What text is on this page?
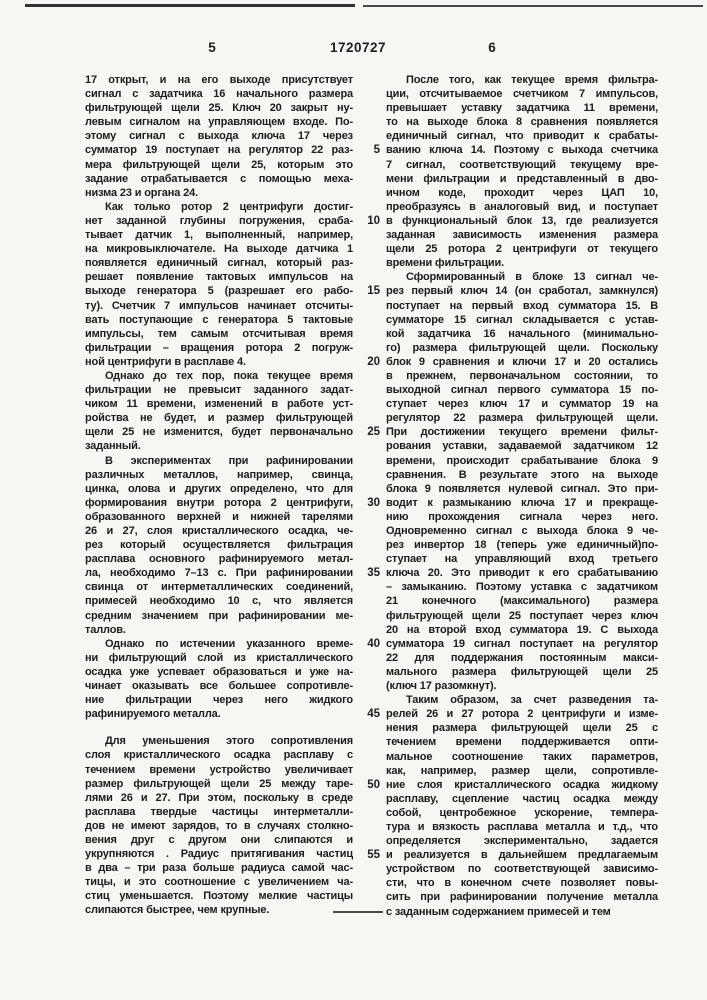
5	1720727	6
17 открыт, и на его выходе присутствует
сигнал с задатчика 16 начального размера
фильтрующей щели 25. Ключ 20 закрыт ну-
левым сигналом на управляющем входе. По-
этому сигнал с выхода ключа 17 через
сумматор 19 поступает на регулятор 22 раз-
мера фильтрующей щели 25, которым это
задание отрабатывается с помощью меха-
низма 23 и органа 24.
Как только ротор 2 центрифуги достиг-
нет заданной глубины погружения, сраба-
тывает датчик 1, выполненный, например,
на микровыключателе. На выходе датчика 1
появляется единичный сигнал, который раз-
решает появление тактовых импульсов на
выходе генератора 5 (разрешает его рабо-
ту). Счетчик 7 импульсов начинает отсчиты-
вать поступающие с генератора 5 тактовые
импульсы, тем самым отсчитывая время
фильтрации – вращения ротора 2 погруж-
ной центрифуги в расплаве 4.
Однако до тех пор, пока текущее время
фильтрации не превысит заданного задат-
чиком 11 времени, изменений в работе уст-
ройства не будет, и размер фильтрующей
щели 25 не изменится, будет первоначально
заданный.
В экспериментах при рафинировании
различных металлов, например, свинца,
цинка, олова и других определено, что для
формирования внутри ротора 2 центрифуги,
образованного верхней и нижней тарелями
26 и 27, слоя кристаллического осадка, че-
рез который осуществляется фильтрация
расплава основного рафинируемого метал-
ла, необходимо 7–13 с. При рафинировании
свинца от интерметаллических соединений,
примесей необходимо 10 с, что является
средним значением при рафинировании ме-
таллов.
Однако по истечении указанного време-
ни фильтрующий слой из кристаллического
осадка уже успевает образоваться и уже на-
чинает оказывать все большее сопротивле-
ние фильтрации через него жидкого
рафинируемого металла.
Для уменьшения этого сопротивления
слоя кристаллического осадка расплаву с
течением времени устройство увеличивает
размер фильтрующей щели 25 между таре-
лями 26 и 27. При этом, поскольку в среде
расплава твердые частицы интерметалли-
дов не имеют зарядов, то в случаях столкно-
вения друг с другом они слипаются и
укрупняются . Радиус притягивания частиц
в два – три раза больше радиуса самой час-
тицы, и это соотношение с увеличением ча-
стиц уменьшается. Поэтому мелкие частицы
слипаются быстрее, чем крупные.
После того, как текущее время фильтра-
ции, отсчитываемое счетчиком 7 импульсов,
превышает уставку задатчика 11 времени,
то на выходе блока 8 сравнения появляется
единичный сигнал, что приводит к срабаты-
ванию ключа 14. Поэтому с выхода счетчика
5
7 сигнал, соответствующий текущему вре-
мени фильтрации и представленный в дво-
ичном коде, проходит через ЦАП 10,
преобразуясь в аналоговый вид, и поступает
в функциональный блок 13, где реализуется
10
заданная зависимость изменения размера
щели 25 ротора 2 центрифуги от текущего
времени фильтрации.
Сформированный в блоке 13 сигнал че-
рез первый ключ 14 (он сработал, замкнулся)
15
поступает на первый вход сумматора 15. В
сумматоре 15 сигнал складывается с устав-
кой задатчика 16 начального (минимально-
го) размера фильтрующей щели. Поскольку
блок 9 сравнения и ключи 17 и 20 остались
20
в прежнем, первоначальном состоянии, то
выходной сигнал первого сумматора 15 по-
ступает через ключ 17 и сумматор 19 на
регулятор 22 размера фильтрующей щели.
При достижении текущего времени фильт-
25
рования уставки, задаваемой задатчиком 12
времени, происходит срабатывание блока 9
сравнения. В результате этого на выходе
блока 9 появляется нулевой сигнал. Это при-
водит к размыканию ключа 17 и прекраще-
30
нию прохождения сигнала через него.
Одновременно сигнал с выхода блока 9 че-
рез инвертор 18 (теперь уже единичный)по-
ступает на управляющий вход третьего
ключа 20. Это приводит к его срабатыванию
35
– замыканию. Поэтому уставка с задатчиком
21 конечного (максимального) размера
фильтрующей щели 25 поступает через ключ
20 на второй вход сумматора 19. С выхода
сумматора 19 сигнал поступает на регулятор
40
22 для поддержания постоянным макси-
мального размера фильтрующей щели 25
(ключ 17 разомкнут).
Таким образом, за счет разведения та-
релей 26 и 27 ротора 2 центрифуги и изме-
45
нения размера фильтрующей щели 25 с
течением времени поддерживается опти-
мальное соотношение таких параметров,
как, например, размер щели, сопротивле-
ние слоя кристаллического осадка жидкому
50
расплаву, сцепление частиц осадка между
собой, центробежное ускорение, темпера-
тура и вязкость расплава металла и т.д., что
определяется экспериментально, задается
и реализуется в дальнейшем предлагаемым
55
устройством по соответствующей зависимо-
сти, что в конечном счете позволяет повы-
сить при рафинировании получение металла
с заданным содержанием примесей и тем
